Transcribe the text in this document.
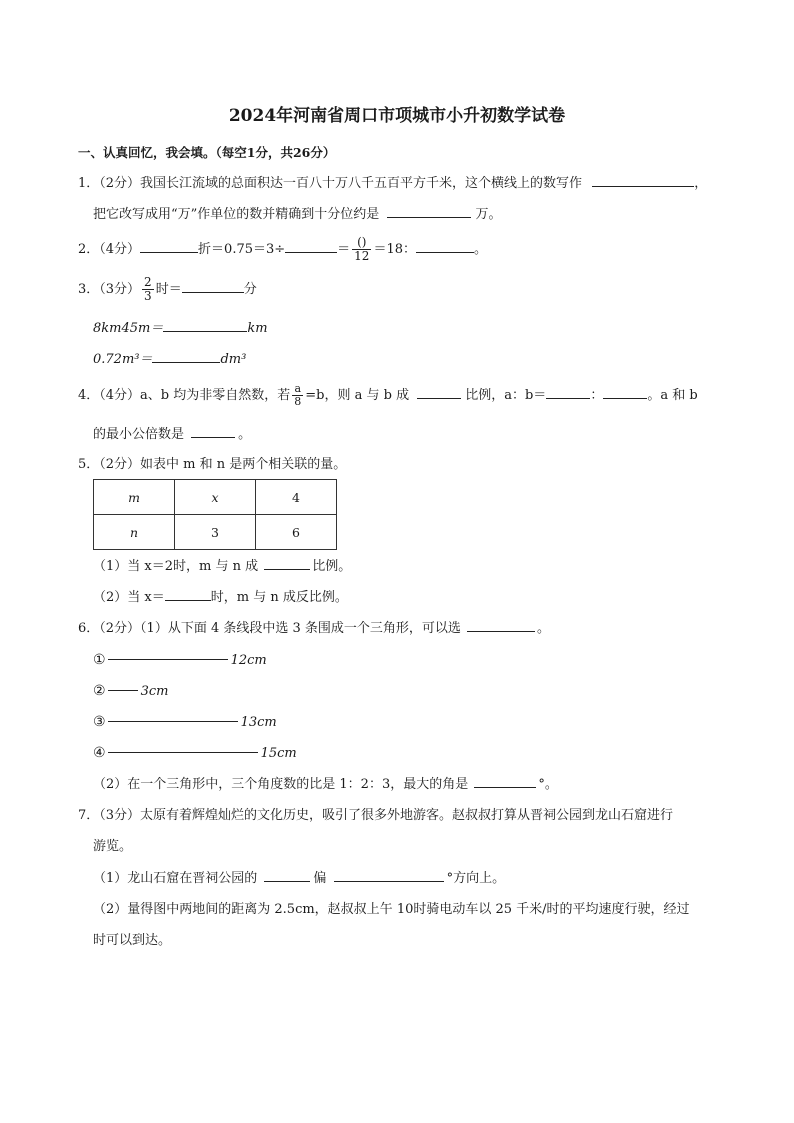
2024年河南省周口市项城市小升初数学试卷
一、认真回忆，我会填。（每空1分，共26分）
1．（2分）我国长江流域的总面积达一百八十万八千五百平方千米，这个横线上的数写作	，
把它改写成用“万”作单位的数并精确到十分位约是	万。
2．（4分）	折＝0.75＝3÷	＝ $\frac{()}{12} =18$：	。
3．（3分） $\frac{2}{3}$ 时＝	分
8km45m＝	km
0.72m³＝	dm³
4．（4分）a、b 均为非零自然数，若 $\frac{a}{8} =b$，则 a 与 b 成	比例，a：b＝	：	。a 和 b
的最小公倍数是	。
5．（2分）如表中 m 和 n 是两个相关联的量。
m	x	4
n	3	6
（1）当 x＝2时，m 与 n 成	比例。
（2）当 x＝	时，m 与 n 成反比例。
6．（2分）（1）从下面 4 条线段中选 3 条围成一个三角形，可以选	。
①	12cm
②	3cm
③	13cm
④	15cm
（2）在一个三角形中，三个角度数的比是 1：2：3，最大的角是	°。
7．（3分）太原有着辉煌灿烂的文化历史，吸引了很多外地游客。赵叔叔打算从晋祠公园到龙山石窟进行
游览。
（1）龙山石窟在晋祠公园的	偏	°方向上。
（2）量得图中两地间的距离为 2.5cm，赵叔叔上午 10时骑电动车以 25 千米/时的平均速度行驶，经过
时可以到达。
